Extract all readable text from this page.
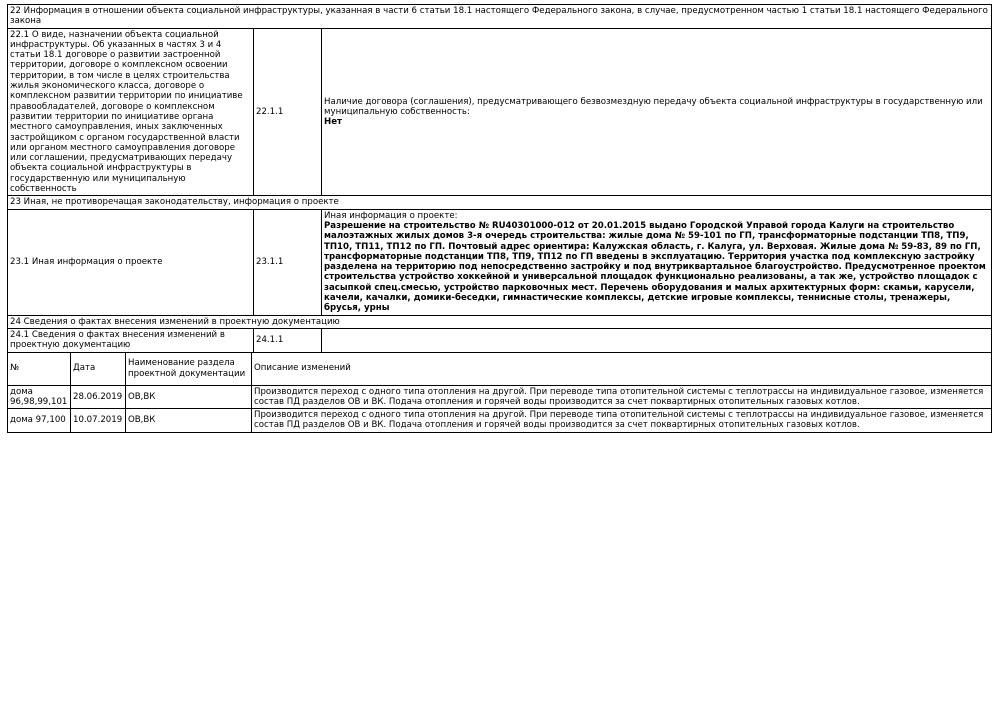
22 Информация в отношении объекта социальной инфраструктуры, указанная в части 6 статьи 18.1 настоящего Федерального закона, в случае, предусмотренном частью 1 статьи 18.1 настоящего Федерального закона		
22.1 О виде, назначении объекта социальной инфраструктуры. Об указанных в частях 3 и 4 статьи 18.1 договоре о развитии застроенной территории, договоре о комплексном освоении территории, в том числе в целях строительства жилья экономического класса, договоре о комплексном развитии территории по инициативе правообладателей, договоре о комплексном развитии территории по инициативе органа местного самоуправления, иных заключенных застройщиком с органом государственной власти или органом местного самоуправления договоре или соглашении, предусматривающих передачу объекта социальной инфраструктуры в государственную или муниципальную собственность	22.1.1	Наличие договора (соглашения), предусматривающего безвозмездную передачу объекта социальной инфраструктуры в государственную или муниципальную собственность:
Нет
23 Иная, не противоречащая законодательству, информация о проекте		
23.1 Иная информация о проекте	23.1.1	Иная информация о проекте:
Разрешение на строительство № RU40301000-012 от 20.01.2015 выдано Городской Управой города Калуги на строительство малоэтажных жилых домов 3-я очередь строительства: жилые дома № 59-101 по ГП, трансформаторные подстанции ТП8, ТП9, ТП10, ТП11, ТП12 по ГП. Почтовый адрес ориентира: Калужская область, г. Калуга, ул. Верховая. Жилые дома № 59-83, 89 по ГП, трансформаторные подстанции ТП8, ТП9, ТП12 по ГП введены в эксплуатацию. Территория участка под комплексную застройку разделена на территорию под непосредственно застройку и под внутриквартальное благоустройство. Предусмотренное проектом строительства устройство хоккейной и универсальной площадок функционально реализованы, а так же, устройство площадок с засыпкой спец.смесью, устройство парковочных мест. Перечень оборудования и малых архитектурных форм: скамьи, карусели, качели, качалки, домики-беседки, гимнастические комплексы, детские игровые комплексы, теннисные столы, тренажеры, брусья, урны
24 Сведения о фактах внесения изменений в проектную документацию		
24.1 Сведения о фактах внесения изменений в проектную документацию	24.1.1	
№	Дата	Наименование раздела проектной документации	Описание изменений
дома 96,98,99,101	28.06.2019	ОВ,ВК	Производится переход с одного типа отопления на другой. При переводе типа отопительной системы с теплотрассы на индивидуальное газовое, изменяется состав ПД разделов ОВ и ВК. Подача отопления и горячей воды производится за счет поквартирных отопительных газовых котлов.
дома 97,100	10.07.2019	ОВ,ВК	Производится переход с одного типа отопления на другой. При переводе типа отопительной системы с теплотрассы на индивидуальное газовое, изменяется состав ПД разделов ОВ и ВК. Подача отопления и горячей воды производится за счет поквартирных отопительных газовых котлов.
